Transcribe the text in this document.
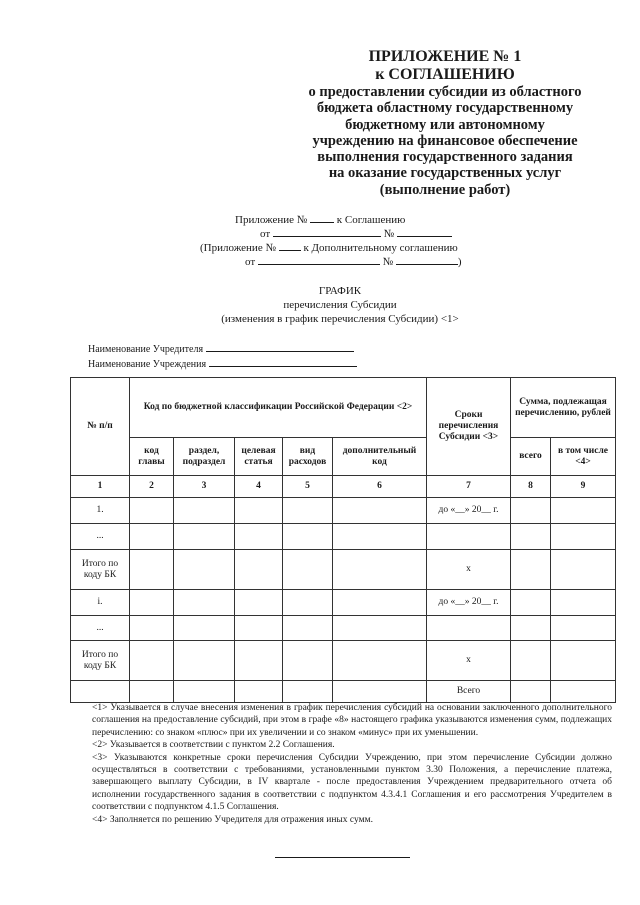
ПРИЛОЖЕНИЕ № 1
к СОГЛАШЕНИЮ
о предоставлении субсидии из областного
бюджета областному государственному
бюджетному или автономному
учреждению на финансовое обеспечение
выполнения государственного задания
на оказание государственных услуг
(выполнение работ)
Приложение №	к Соглашению
от	№
(Приложение №	к Дополнительному соглашению
от	№	)
ГРАФИК
перечисления Субсидии
(изменения в график перечисления Субсидии) <1>
Наименование Учредителя
Наименование Учреждения
№ п/п	Код по бюджетной классификации Российской Федерации <2>					Сроки перечисления Субсидии <3>	Сумма, подлежащая перечислению, рублей	
	код главы	раздел, подраздел	целевая статья	вид расходов	дополнительный код		всего	в том числе <4>
1	2	3	4	5	6	7	8	9
1.						до «__» 20__ г.		
...								
Итого по коду БК						х		
i.						до «__» 20__ г.		
...								
Итого по коду БК						х		
						Всего		

<1> Указывается в случае внесения изменения в график перечисления субсидий на основании заключенного дополнительного соглашения на предоставление субсидий, при этом в графе «8» настоящего графика указываются изменения сумм, подлежащих перечислению: со знаком «плюс» при их увеличении и со знаком «минус» при их уменьшении.

<2> Указывается в соответствии с пунктом 2.2 Соглашения.

<3> Указываются конкретные сроки перечисления Субсидии Учреждению, при этом перечисление Субсидии должно осуществляться в соответствии с требованиями, установленными пунктом 3.30 Положения, а перечисление платежа, завершающего выплату Субсидии, в IV квартале - после предоставления Учреждением предварительного отчета об исполнении государственного задания в соответствии с подпунктом 4.3.4.1 Соглашения и его рассмотрения Учредителем в соответствии с подпунктом 4.1.5 Соглашения.

<4> Заполняется по решению Учредителя для отражения иных сумм.
